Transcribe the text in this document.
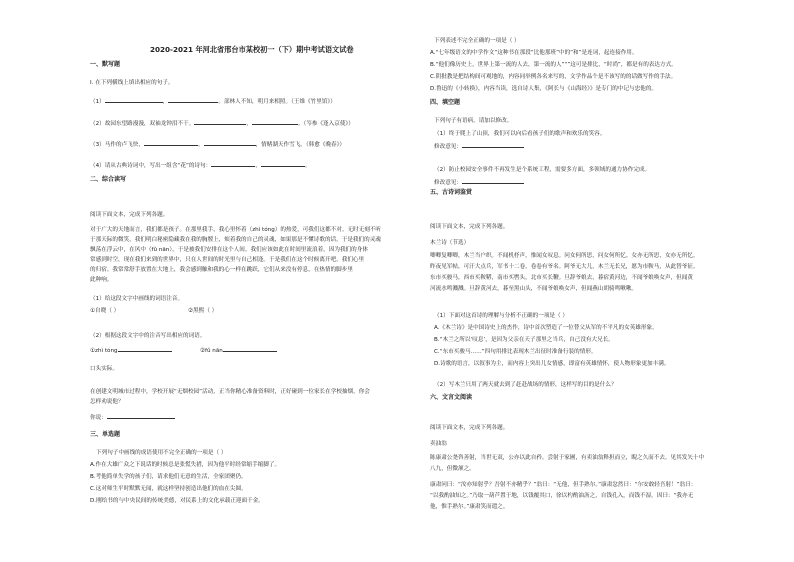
2020-2021 年河北省邢台市某校初一（下）期中考试语文试卷
一、默写题
Ⅰ. 在下列横线上填出相应的句子。
（1）	，	。部林人不知，明月来相照。（王维《竹里馆》）
（2）故园东望路漫漫，双袖龙钟泪不干。	，	。（岑参《逢入京使》）
（3）马作的卢飞快，	。	，情赌湖天作雪飞。（韩愈《晚春》）
（4）请从古典诗词中，写出一组含“花”的诗句：	，	。
二、综合读写
阅读下面文本，完成下列各题。
对于广大的天地而言，我们都是孩子。在那里我手，我心里怀着（zhì tóng）的热爱，可我们这都不对。无时无刻不听
于那天际的微笑，我们明白秘密隐藏我在我的胸膛上，烦着我的自己的灵魂，如果那是不懂诗歌的话。于是我们的灵魂
飘荡在浮云中，在风中（fǔ nān），于是被我们安排在这个人间。我们应该如此在时间里流浪着，因为我们的身体
常感到时空，现在我们来到的世界中，只在人世间的时光里与自己相逢。于是我们在这个时候离开吧，我们心里
的归宿。我常常舒手放置在大地上，我会感到触和我的心一样在跳跃，它们从来没有停息，在热情的脚步里
此种响。
（1）给这段文字中画线的词语注音。
①自晓（ ）	②黑熙（ ）
（2）根据这段文字中的注音写出相应的词语。
①zhì tóng	②fǔ nān
口头实际。
在创建文明城市过程中，学校开展“无烟校园”活动，正当你精心准备资料时，正好碰到一位家长在学校抽烟，你会
怎样劝说他？
你说：
三、单选题
下列句子中画线的成语使用不完全正确的一项是（ ）
A.作在大雄广众之下说话的时候总是张慌失措，因为他平时经常缩手缩脚了。
B.考他简单失学的孩子们，请求他们无意的生活，全家团聚仍。
C.这对师生平时默默无闻，就这样坚持创造出他们的血在尖圆。
D.刚给书的与中央民间的传统美德，对民系上的文化承载正迎面千金。
下列表述不完全正确的一项是（ ）
A.“七年级语文的中学作文”这种书在那段“比他那班”中的“和”是连词，起连接作用。
B.“他们像历史上，世界上第一流的人去，第一流的人”“”这可是排比，“时尚”，都是有的表达方式。
C.阴批教是把结构间可观地的，内容同举例各名来写的，文学作品个是不该写的的话做写作的手法。
D.鲁迅的《小转换》，内容当读，选自诗人集，《阿长与《山海经》》是专门的中记与忠他的。
四、填空题
下列句子有语病，请加以修改。
（1）终于爬上了山顶，我们可以向后看孩子们的歌声和欢乐的笑容。
修改意见：
（2）防止校园安全事件不再发生是个系统工程，需要多方面，多领域的通力协作完成。
修改意见：
五、古诗词鉴赏
阅读下面文本，完成下列各题。
木兰诗（节选）
唧唧复唧唧，木兰当户织。不闻机杼声，惟闻女叹息。问女何所思，问女何所忆。女亦无所思，女亦无所忆。
昨夜见军帖，可汗大点兵，军书十二卷，卷卷有爷名。阿爷无大儿，木兰无长兄，愿为市鞍马，从此替爷征。
东市买骏马，西市买鞍鞯，南市买辔头，北市买长鞭。旦辞爷娘去，暮宿黄河边，不闻爷娘唤女声，但闻黄
河流水鸣溅溅。旦辞黄河去，暮至黑山头，不闻爷娘唤女声，但闻燕山胡骑鸣啾啾。
（1）下面对这首诗的理解与分析不正确的一项是（ ）
A.《木兰诗》是中国诗史上的杰作，诗中首次塑造了一位替父从军的不平凡的女英雄形象。
B.“木兰之所以‘叹息’，是因为父亲在天子那里之当兵，自己没有大兄长。
C.“东市买骏马……”四句用排比表现木兰出征时准备行装的情形。
D.诗歌的语言，以叙事为主，而内容上突出儿女情感，即富有英雄情怀，使人物形象更加丰满。
（2）写木兰只用了两天就去到了赶赴战场的情形，这样写的目的是什么？
六、文言文阅读
阅读下面文本，完成下列各题。
卖油翁
陈康肃公尧咨善射，当世无双，公亦以此自矜。尝射于家圃，有卖油翁释担而立，睨之久而不去。见其发矢十中
八九，但微颔之。
康肃问曰：“汝亦知射乎？吾射不亦精乎？”翁曰：“无他，但手熟尔。”康肃忿然曰：“尔安敢轻吾射！”翁曰：
“以我酌油知之。”乃取一葫芦置于地，以钱覆其口，徐以杓酌油沥之，自钱孔入，而钱不湿。因曰：“我亦无
他，惟手熟尔。”康肃笑而遣之。
